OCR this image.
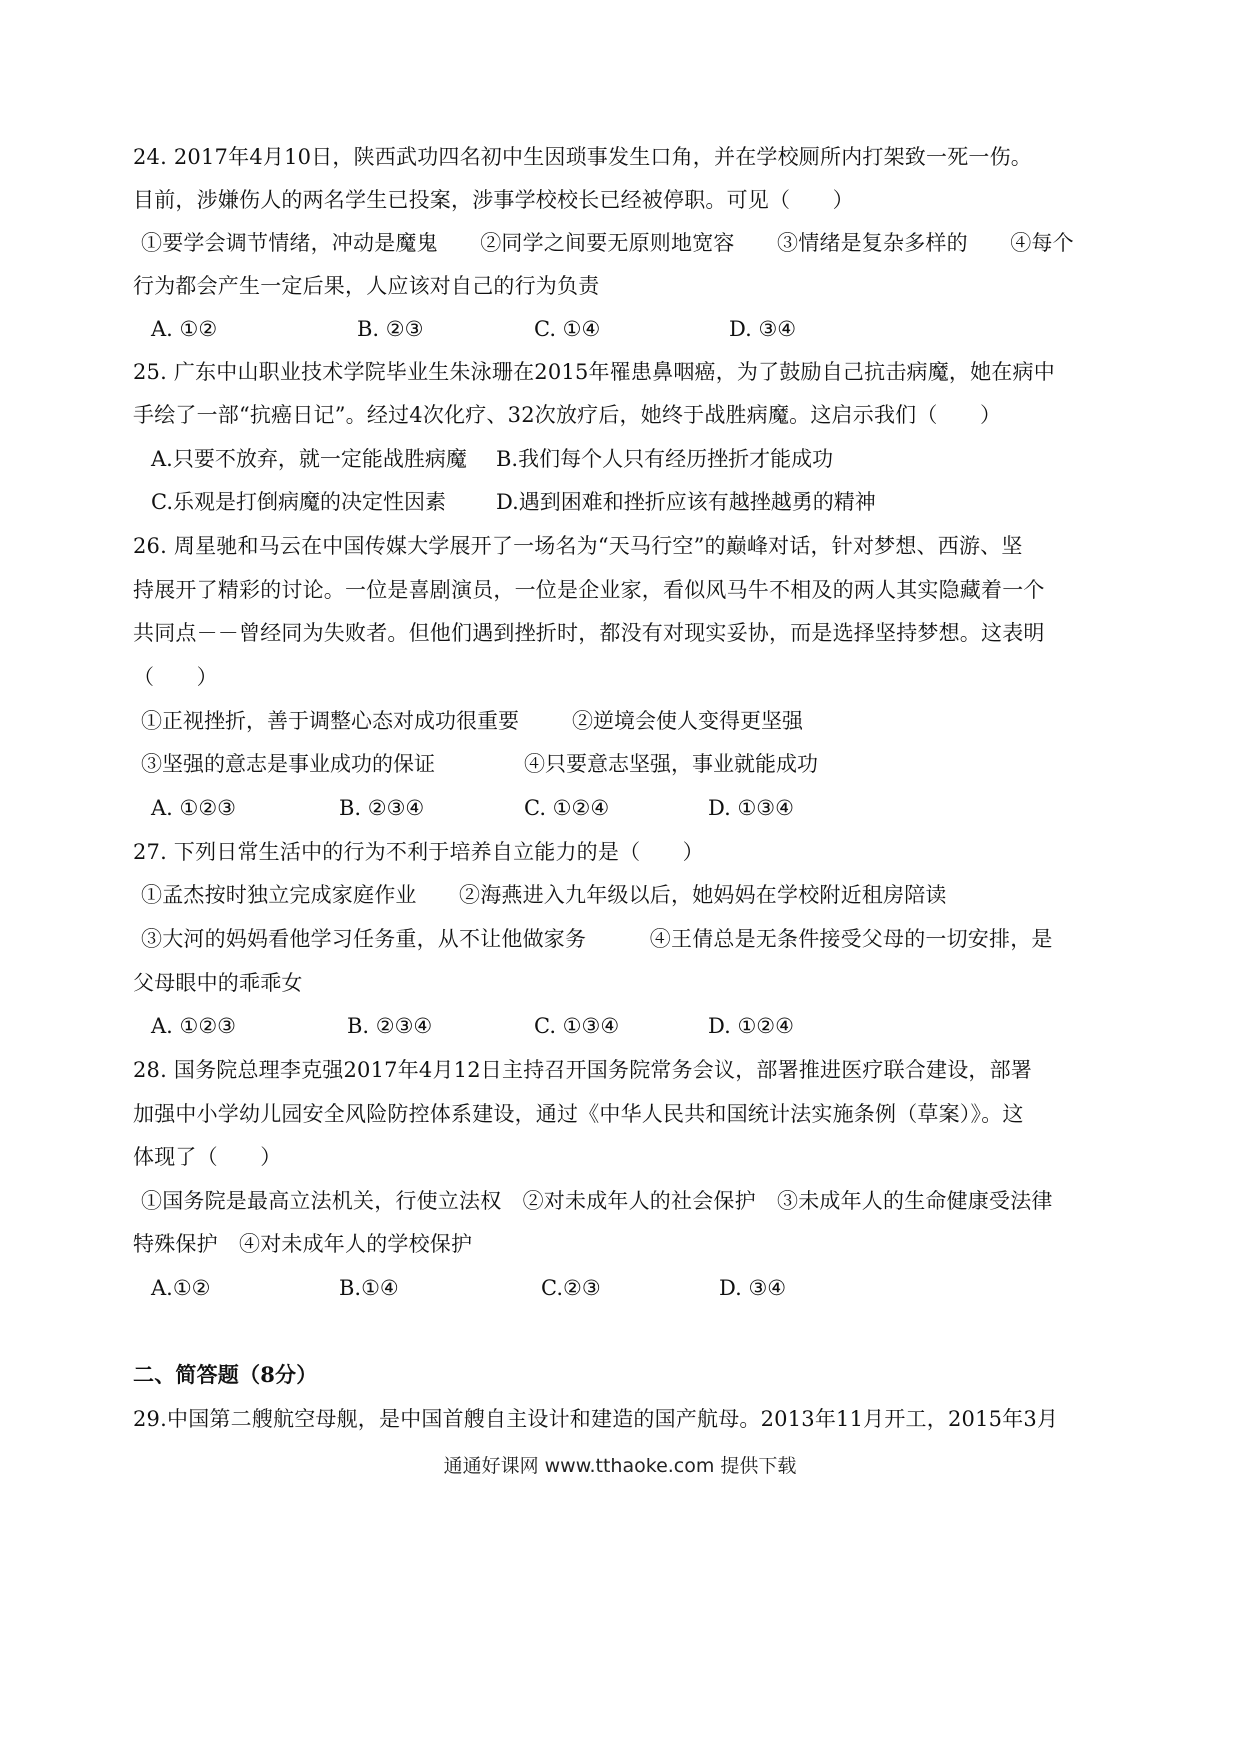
24. 2017年4月10日，陕西武功四名初中生因琐事发生口角，并在学校厕所内打架致一死一伤。
目前，涉嫌伤人的两名学生已投案，涉事学校校长已经被停职。可见（　　）
①要学会调节情绪，冲动是魔鬼　　②同学之间要无原则地宽容　　③情绪是复杂多样的　　④每个
行为都会产生一定后果，人应该对自己的行为负责
A. ①②	B. ②③	C. ①④	D. ③④
25. 广东中山职业技术学院毕业生朱泳珊在2015年罹患鼻咽癌，为了鼓励自己抗击病魔，她在病中
手绘了一部“抗癌日记”。经过4次化疗、32次放疗后，她终于战胜病魔。这启示我们（　　）
A.只要不放弃，就一定能战胜病魔 B.我们每个人只有经历挫折才能成功
C.乐观是打倒病魔的决定性因素 D.遇到困难和挫折应该有越挫越勇的精神
26. 周星驰和马云在中国传媒大学展开了一场名为“天马行空”的巅峰对话，针对梦想、西游、坚
持展开了精彩的讨论。一位是喜剧演员，一位是企业家，看似风马牛不相及的两人其实隐藏着一个
共同点－－曾经同为失败者。但他们遇到挫折时，都没有对现实妥协，而是选择坚持梦想。这表明
（　　）
①正视挫折，善于调整心态对成功很重要	②逆境会使人变得更坚强
③坚强的意志是事业成功的保证	④只要意志坚强，事业就能成功
A. ①②③	B. ②③④	C. ①②④	D. ①③④
27. 下列日常生活中的行为不利于培养自立能力的是（　　）
①孟杰按时独立完成家庭作业　　②海燕进入九年级以后，她妈妈在学校附近租房陪读
③大河的妈妈看他学习任务重，从不让他做家务　　　④王倩总是无条件接受父母的一切安排，是
父母眼中的乖乖女
A. ①②③	B. ②③④	C. ①③④	D. ①②④
28. 国务院总理李克强2017年4月12日主持召开国务院常务会议，部署推进医疗联合建设，部署
加强中小学幼儿园安全风险防控体系建设，通过《中华人民共和国统计法实施条例（草案）》。这
体现了（　　）
①国务院是最高立法机关，行使立法权　②对未成年人的社会保护　③未成年人的生命健康受法律
特殊保护　④对未成年人的学校保护
A.①②	B.①④	C.②③	D. ③④
二、简答题（8分）
29.中国第二艘航空母舰，是中国首艘自主设计和建造的国产航母。2013年11月开工，2015年3月
通通好课网 www.tthaoke.com 提供下载
